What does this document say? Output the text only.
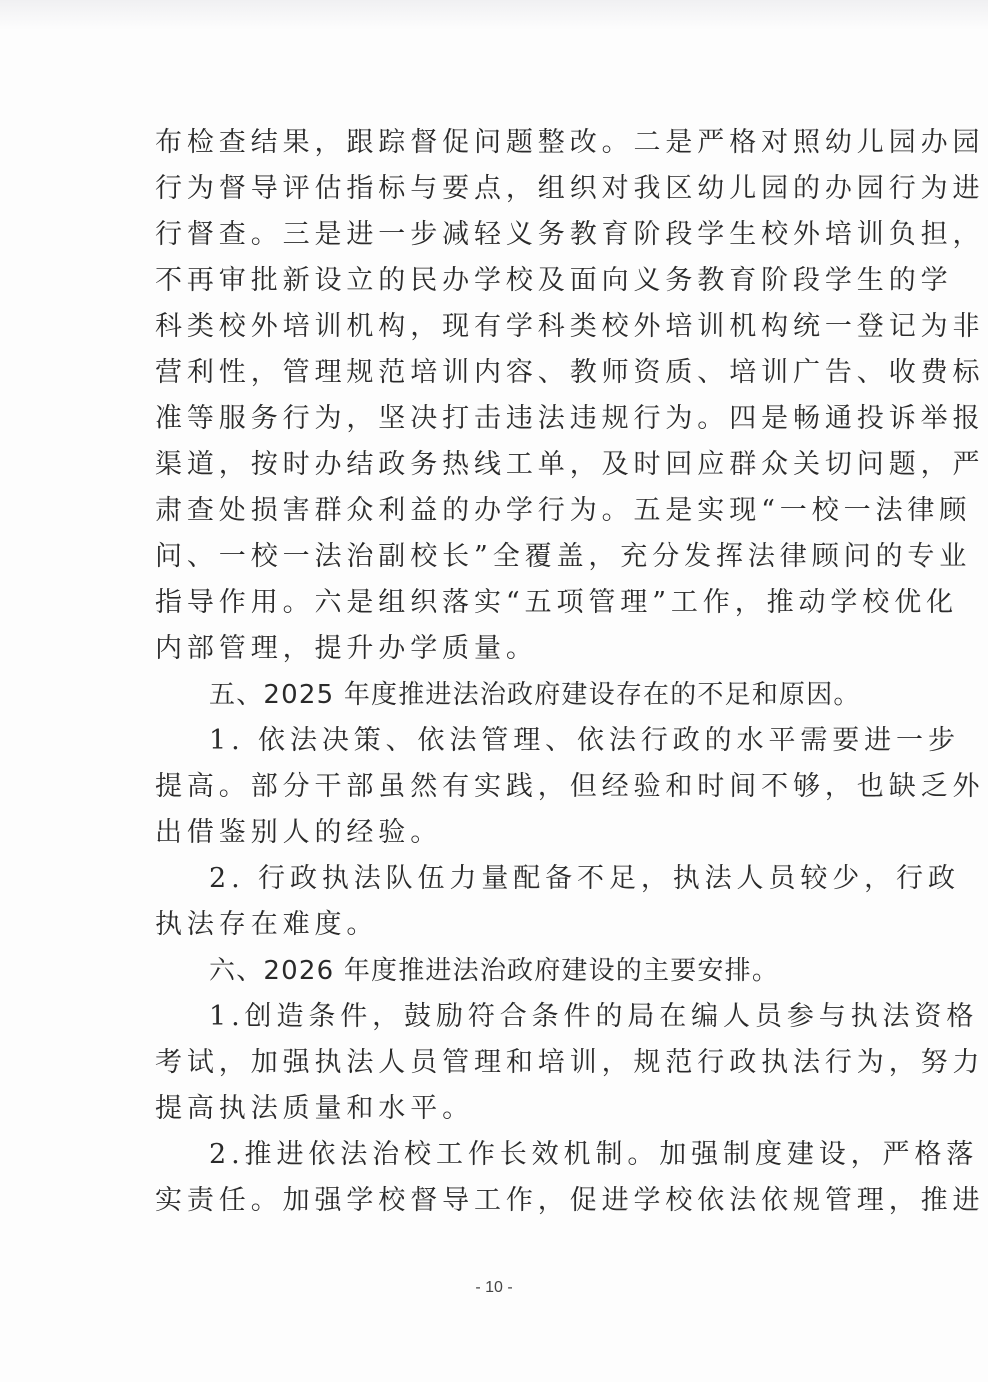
布检查结果，跟踪督促问题整改。二是严格对照幼儿园办园
行为督导评估指标与要点，组织对我区幼儿园的办园行为进
行督查。三是进一步减轻义务教育阶段学生校外培训负担，
不再审批新设立的民办学校及面向义务教育阶段学生的学
科类校外培训机构，现有学科类校外培训机构统一登记为非
营利性，管理规范培训内容、教师资质、培训广告、收费标
准等服务行为，坚决打击违法违规行为。四是畅通投诉举报
渠道，按时办结政务热线工单，及时回应群众关切问题，严
肃查处损害群众利益的办学行为。五是实现“一校一法律顾
问、一校一法治副校长”全覆盖，充分发挥法律顾问的专业
指导作用。六是组织落实“五项管理”工作，推动学校优化
内部管理，提升办学质量。
五、2025 年度推进法治政府建设存在的不足和原因。
1. 依法决策、依法管理、依法行政的水平需要进一步
提高。部分干部虽然有实践，但经验和时间不够，也缺乏外
出借鉴别人的经验。
2. 行政执法队伍力量配备不足，执法人员较少，行政
执法存在难度。
六、2026 年度推进法治政府建设的主要安排。
1.创造条件，鼓励符合条件的局在编人员参与执法资格
考试，加强执法人员管理和培训，规范行政执法行为，努力
提高执法质量和水平。
2.推进依法治校工作长效机制。加强制度建设，严格落
实责任。加强学校督导工作，促进学校依法依规管理，推进
- 10 -
